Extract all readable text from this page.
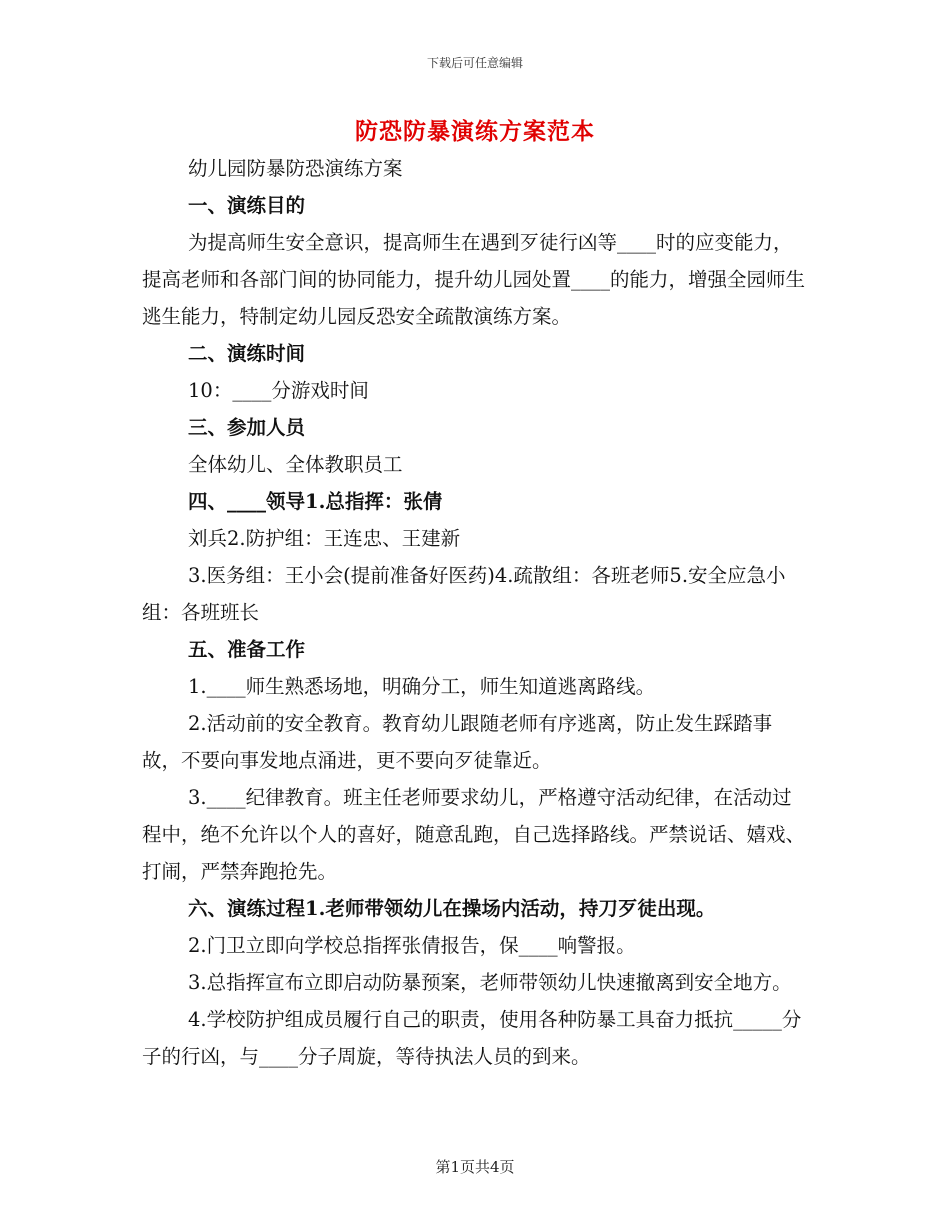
下载后可任意编辑
防恐防暴演练方案范本

幼儿园防暴防恐演练方案

一、演练目的

为提高师生安全意识，提高师生在遇到歹徒行凶等____时的应变能力，提高老师和各部门间的协同能力，提升幼儿园处置____的能力，增强全园师生逃生能力，特制定幼儿园反恐安全疏散演练方案。

二、演练时间

10：____分游戏时间

三、参加人员

全体幼儿、全体教职员工

四、____领导1.总指挥：张倩

刘兵2.防护组：王连忠、王建新

3.医务组：王小会(提前准备好医药)4.疏散组：各班老师5.安全应急小组：各班班长

五、准备工作

1.____师生熟悉场地，明确分工，师生知道逃离路线。

2.活动前的安全教育。教育幼儿跟随老师有序逃离，防止发生踩踏事故，不要向事发地点涌进，更不要向歹徒靠近。

3.____纪律教育。班主任老师要求幼儿，严格遵守活动纪律，在活动过程中，绝不允许以个人的喜好，随意乱跑，自己选择路线。严禁说话、嬉戏、打闹，严禁奔跑抢先。

六、演练过程1.老师带领幼儿在操场内活动，持刀歹徒出现。

2.门卫立即向学校总指挥张倩报告，保____响警报。

3.总指挥宣布立即启动防暴预案，老师带领幼儿快速撤离到安全地方。

4.学校防护组成员履行自己的职责，使用各种防暴工具奋力抵抗_____分子的行凶，与____分子周旋，等待执法人员的到来。

第1页共4页
